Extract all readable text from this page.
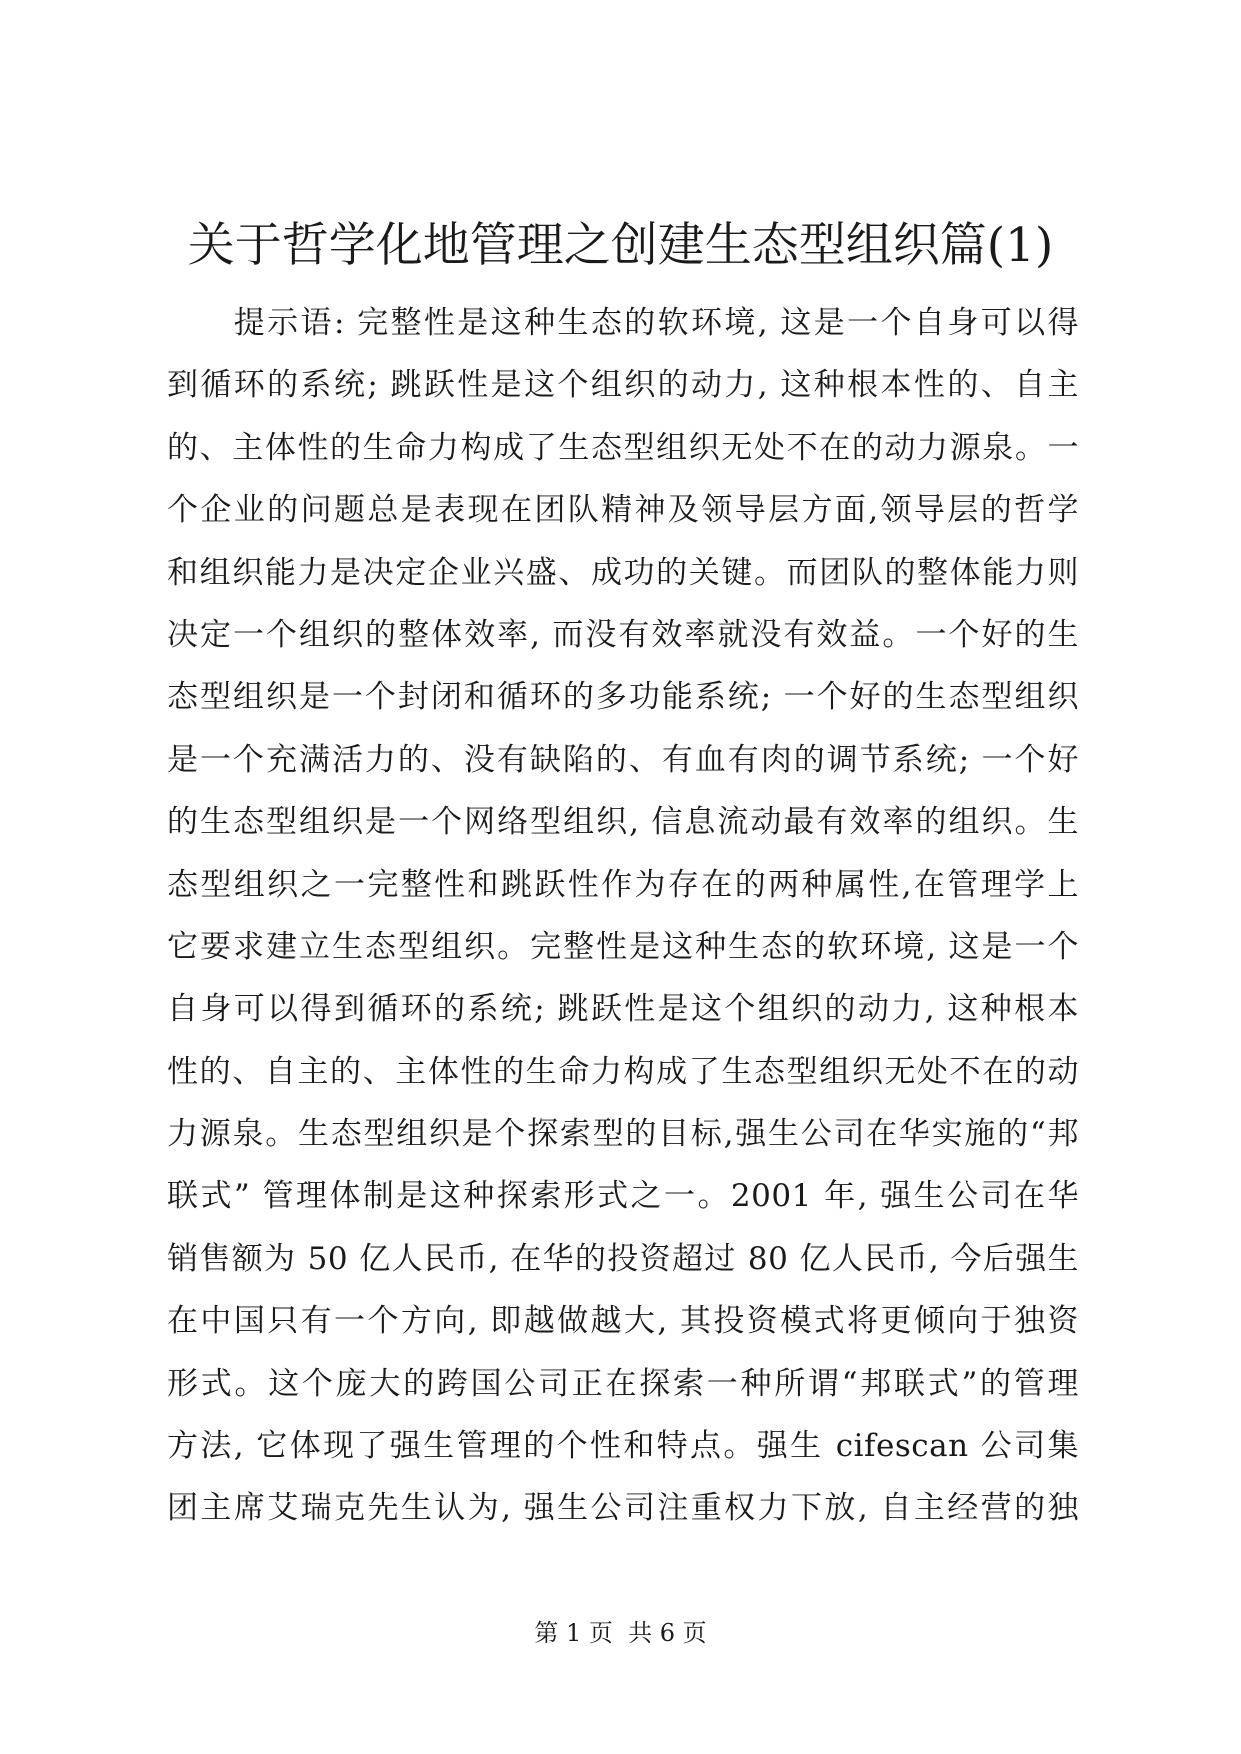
关于哲学化地管理之创建生态型组织篇(1)
　　提示语: 完整性是这种生态的软环境, 这是一个自身可以得
到循环的系统; 跳跃性是这个组织的动力, 这种根本性的、自主
的、主体性的生命力构成了生态型组织无处不在的动力源泉。一
个企业的问题总是表现在团队精神及领导层方面,领导层的哲学
和组织能力是决定企业兴盛、成功的关键。而团队的整体能力则
决定一个组织的整体效率, 而没有效率就没有效益。一个好的生
态型组织是一个封闭和循环的多功能系统; 一个好的生态型组织
是一个充满活力的、没有缺陷的、有血有肉的调节系统; 一个好
的生态型组织是一个网络型组织, 信息流动最有效率的组织。生
态型组织之一完整性和跳跃性作为存在的两种属性,在管理学上
它要求建立生态型组织。完整性是这种生态的软环境, 这是一个
自身可以得到循环的系统; 跳跃性是这个组织的动力, 这种根本
性的、自主的、主体性的生命力构成了生态型组织无处不在的动
力源泉。生态型组织是个探索型的目标,强生公司在华实施的“邦
联式” 管理体制是这种探索形式之一。2001 年, 强生公司在华
销售额为 50 亿人民币, 在华的投资超过 80 亿人民币, 今后强生
在中国只有一个方向, 即越做越大, 其投资模式将更倾向于独资
形式。这个庞大的跨国公司正在探索一种所谓“邦联式”的管理
方法, 它体现了强生管理的个性和特点。强生 cifescan 公司集
团主席艾瑞克先生认为, 强生公司注重权力下放, 自主经营的独
第 1 页  共 6 页
